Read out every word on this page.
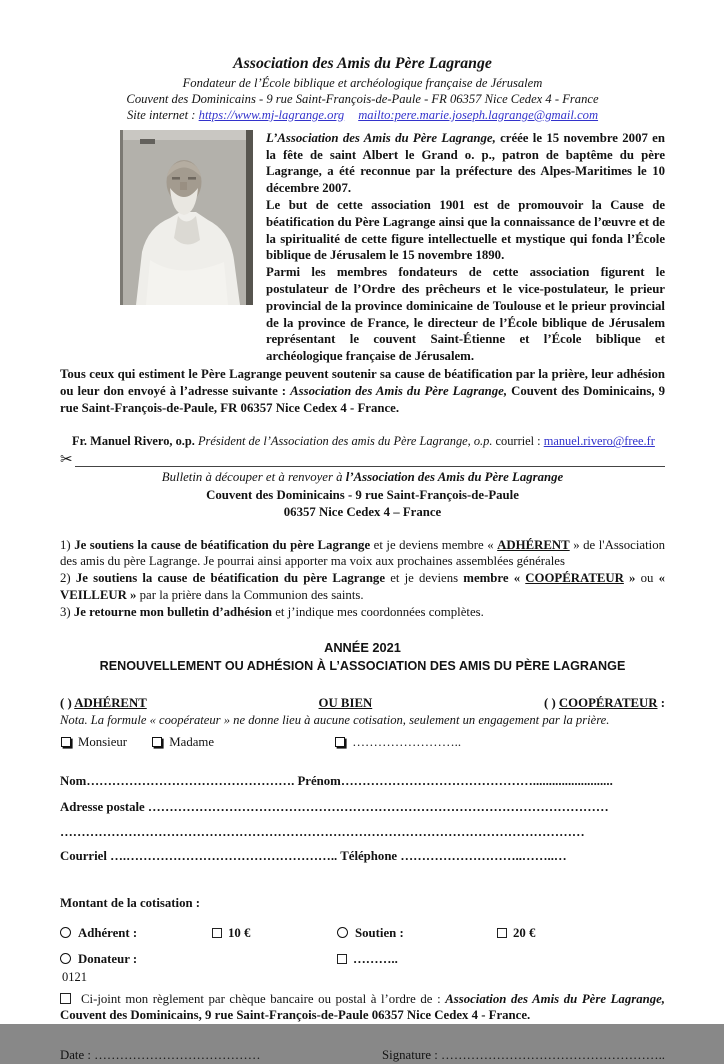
Association des Amis du Père Lagrange
Fondateur de l’École biblique et archéologique française de Jérusalem
Couvent des Dominicains - 9 rue Saint-François-de-Paule - FR 06357 Nice Cedex 4 - France
Site internet : https://www.mj-lagrange.org mailto:pere.marie.joseph.lagrange@gmail.com

L’Association des Amis du Père Lagrange, créée le 15 novembre 2007 en la fête de saint Albert le Grand o. p., patron de baptême du père Lagrange, a été reconnue par la préfecture des Alpes-Maritimes le 10 décembre 2007.

Le but de cette association 1901 est de promouvoir la Cause de béatification du Père Lagrange ainsi que la connaissance de l’œuvre et de la spiritualité de cette figure intellectuelle et mystique qui fonda l’École biblique de Jérusalem le 15 novembre 1890.

Parmi les membres fondateurs de cette association figurent le postulateur de l’Ordre des prêcheurs et le vice-postulateur, le prieur provincial de la province dominicaine de Toulouse et le prieur provincial de la province de France, le directeur de l’École biblique de Jérusalem représentant le couvent Saint-Étienne et l’École biblique et archéologique française de Jérusalem.

Tous ceux qui estiment le Père Lagrange peuvent soutenir sa cause de béatification par la prière, leur adhésion ou leur don envoyé à l’adresse suivante : Association des Amis du Père Lagrange, Couvent des Dominicains, 9 rue Saint-François-de-Paule, FR 06357 Nice Cedex 4 - France.

Fr. Manuel Rivero, o.p. Président de l’Association des amis du Père Lagrange, o.p. courriel : manuel.rivero@free.fr

✂
Bulletin à découper et à renvoyer à l’Association des Amis du Père Lagrange
Couvent des Dominicains - 9 rue Saint-François-de-Paule
06357 Nice Cedex 4 – France

1) Je soutiens la cause de béatification du père Lagrange et je deviens membre « ADHÉRENT » de l'Association des amis du père Lagrange. Je pourrai ainsi apporter ma voix aux prochaines assemblées générales

2) Je soutiens la cause de béatification du père Lagrange et je deviens membre « COOPÉRATEUR » ou « VEILLEUR » par la prière dans la Communion des saints.

3) Je retourne mon bulletin d’adhésion et j’indique mes coordonnées complètes.

ANNÉE 2021
RENOUVELLEMENT OU ADHÉSION À L’ASSOCIATION DES AMIS DU PÈRE LAGRANGE
( ) ADHÉRENT	OU BIEN	( ) COOPÉRATEUR :

Nota. La formule « coopérateur » ne donne lieu à aucune cotisation, seulement un engagement par la prière.

Monsieur	Madame	……………………..
Nom…………………………………………. Prénom……………………………………….........................
Adresse postale ………………………………………………………………………………………………
……………………………………………………………………………………………………………
Courriel ….………………………………………….. Téléphone ………………………..……..…

Montant de la cotisation :

Adhérent :	10 €	Soutien :	20 €
Donateur :	………..

Ci-joint mon règlement par chèque bancaire ou postal à l’ordre de : Association des Amis du Père Lagrange, Couvent des Dominicains, 9 rue Saint-François-de-Paule 06357 Nice Cedex 4 - France.

Date : …………………………………	Signature : ……………………………………………..
0121
